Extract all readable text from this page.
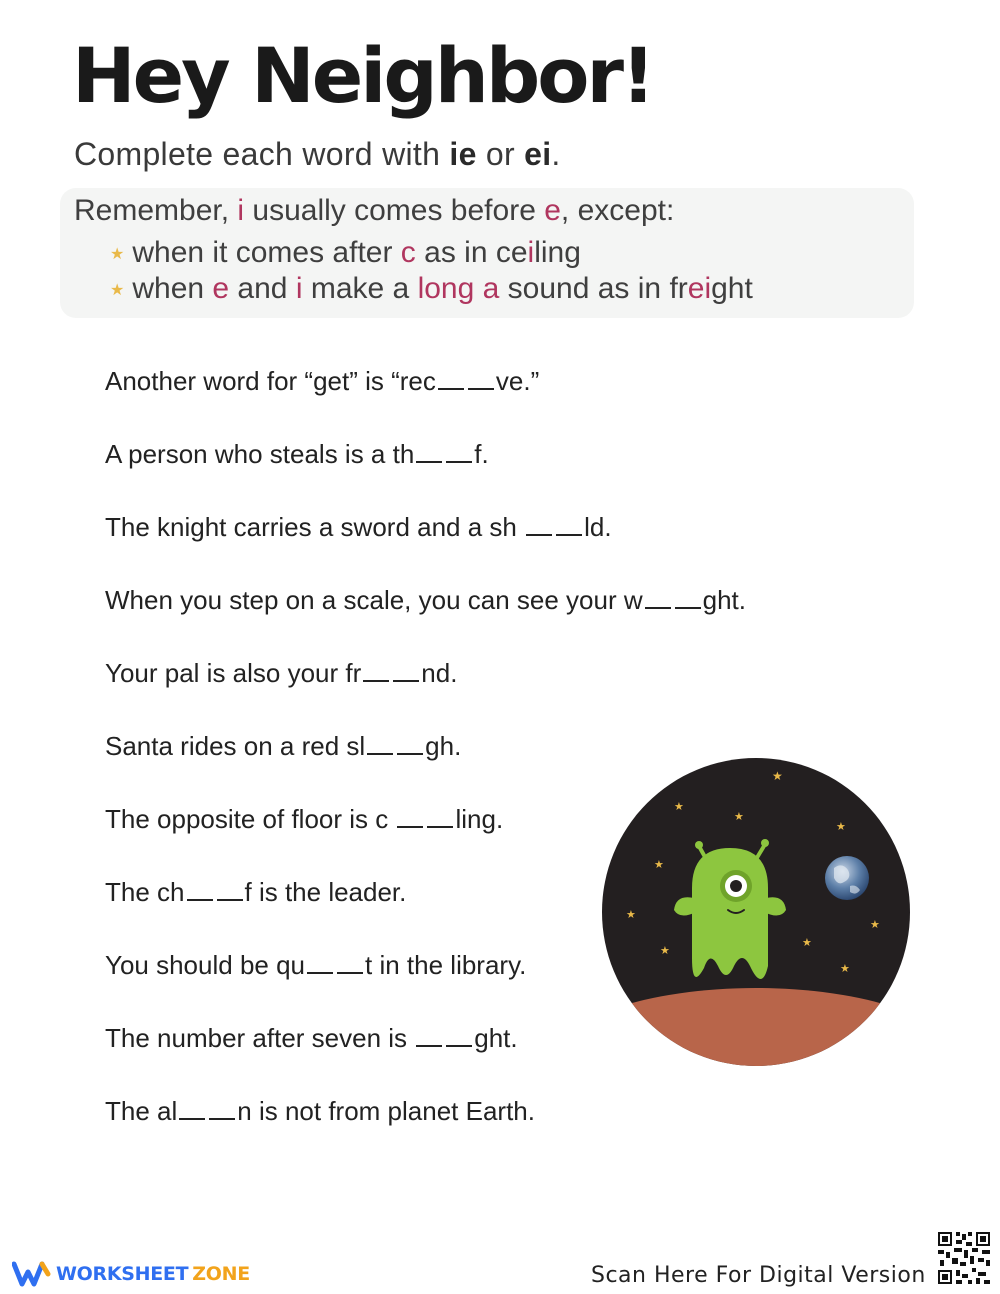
Hey Neighbor!
Complete each word with ie or ei.
Remember, i usually comes before e, except:
★ when it comes after c as in ceiling
★ when e and i make a long a sound as in freight
Another word for “get” is “rec ve.”
A person who steals is a th f.
The knight carries a sword and a sh ld.
When you step on a scale, you can see your w ght.
Your pal is also your fr nd.
Santa rides on a red sl gh.
The opposite of floor is c ling.
The ch f is the leader.
You should be qu t in the library.
The number after seven is ght.
The al n is not from planet Earth.
★
★
★
★
★
★
★
★
★
★
WORKSHEET ZONE	Scan Here For Digital Version
